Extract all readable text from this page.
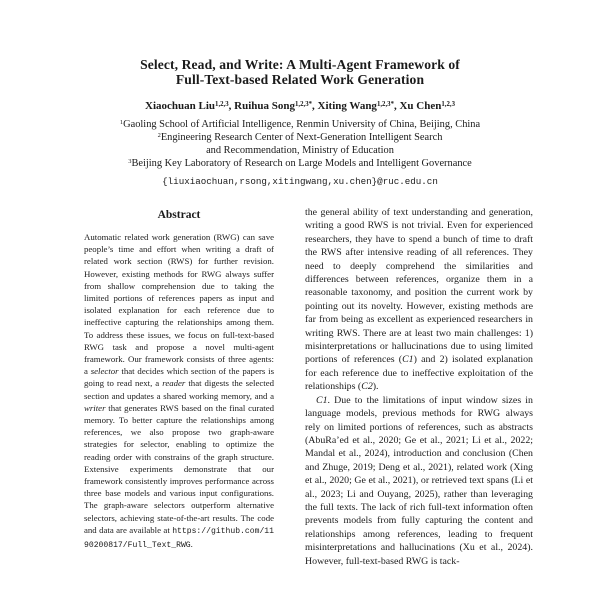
Select, Read, and Write: A Multi-Agent Framework of
Full-Text-based Related Work Generation
Xiaochuan Liu$^{1,2,3}$, Ruihua Song$^{1,2,3*}$, Xiting Wang$^{1,2,3*}$, Xu Chen$^{1,2,3}$
$^1$Gaoling School of Artificial Intelligence, Renmin University of China, Beijing, China
$^2$Engineering Research Center of Next-Generation Intelligent Search
and Recommendation, Ministry of Education
$^3$Beijing Key Laboratory of Research on Large Models and Intelligent Governance
{liuxiaochuan,rsong,xitingwang,xu.chen}@ruc.edu.cn
Abstract
Automatic related work generation (RWG) can save people’s time and effort when writing a draft of related work section (RWS) for further revision. However, existing methods for RWG always suffer from shallow comprehension due to taking the limited portions of references papers as input and isolated explanation for each reference due to ineffective capturing the relationships among them. To address these issues, we focus on full-text-based RWG task and propose a novel multi-agent framework. Our framework consists of three agents: a selector that decides which section of the papers is going to read next, a reader that digests the selected section and updates a shared working memory, and a writer that generates RWS based on the final curated memory. To better capture the relationships among references, we also propose two graph-aware strategies for selector, enabling to optimize the reading order with constrains of the graph structure. Extensive experiments demonstrate that our framework consistently improves performance across three base models and various input configurations. The graph-aware selectors outperform alternative selectors, achieving state-of-the-art results. The code and data are available at https://github.com/1190200817/Full_Text_RWG.

the general ability of text understanding and generation, writing a good RWS is not trivial. Even for experienced researchers, they have to spend a bunch of time to draft the RWS after intensive reading of all references. They need to deeply comprehend the similarities and differences between references, organize them in a reasonable taxonomy, and position the current work by pointing out its novelty. However, existing methods are far from being as excellent as experienced researchers in writing RWS. There are at least two main challenges: 1) misinterpretations or hallucinations due to using limited portions of references (C1) and 2) isolated explanation for each reference due to ineffective exploitation of the relationships (C2).

C1. Due to the limitations of input window sizes in language models, previous methods for RWG always rely on limited portions of references, such as abstracts (AbuRa’ed et al., 2020; Ge et al., 2021; Li et al., 2022; Mandal et al., 2024), introduction and conclusion (Chen and Zhuge, 2019; Deng et al., 2021), related work (Xing et al., 2020; Ge et al., 2021), or retrieved text spans (Li et al., 2023; Li and Ouyang, 2025), rather than leveraging the full texts. The lack of rich full-text information often prevents models from fully capturing the content and relationships among references, leading to frequent misinterpretations and hallucinations (Xu et al., 2024). However, full-text-based RWG is tack-
